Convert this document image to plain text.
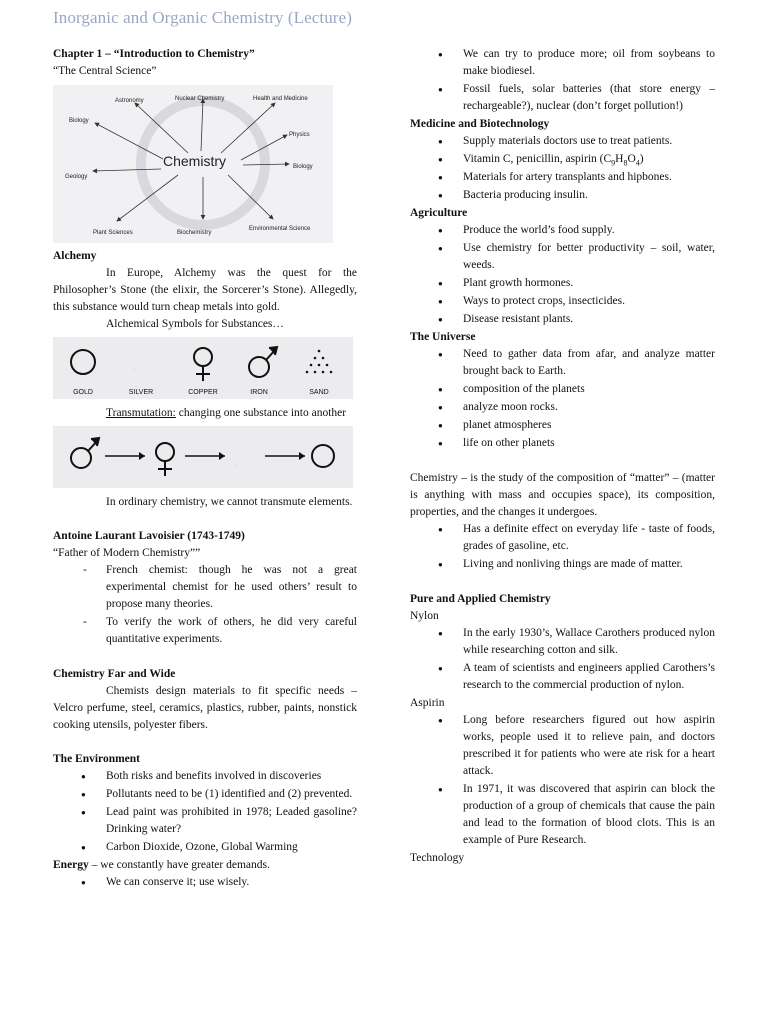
Inorganic and Organic Chemistry (Lecture)

Chapter 1 – “Introduction to Chemistry”

“The Central Science”

Astronomy	Nuclear Chemistry	Health and Medicine
Biology
Physics
Geology
Biology
Plant Sciences	Biochemistry
Environmental Science
Chemistry

Alchemy

In Europe, Alchemy was the quest for the Philosopher’s Stone (the elixir, the Sorcerer’s Stone). Allegedly, this substance would turn cheap metals into gold.

Alchemical Symbols for Substances…

GOLD	SILVER	COPPER	IRON	SAND

Transmutation: changing one substance into another

In ordinary chemistry, we cannot transmute elements.

Antoine Laurant Lavoisier (1743-1749)

“Father of Modern Chemistry””

- French chemist: though he was not a great experimental chemist for he used others’ result to propose many theories.
- To verify the work of others, he did very careful quantitative experiments.

Chemistry Far and Wide

Chemists design materials to fit specific needs – Velcro perfume, steel, ceramics, plastics, rubber, paints, nonstick cooking utensils, polyester fibers.

The Environment

● Both risks and benefits involved in discoveries
● Pollutants need to be (1) identified and (2) prevented.
● Lead paint was prohibited in 1978; Leaded gasoline? Drinking water?
● Carbon Dioxide, Ozone, Global Warming

Energy – we constantly have greater demands.

● We can conserve it; use wisely.
● We can try to produce more; oil from soybeans to make biodiesel.
● Fossil fuels, solar batteries (that store energy – rechargeable?), nuclear (don’t forget pollution!)

Medicine and Biotechnology

● Supply materials doctors use to treat patients.
● Vitamin C, penicillin, aspirin $(C_9H_8O_4)$
● Materials for artery transplants and hipbones.
● Bacteria producing insulin.

Agriculture

● Produce the world’s food supply.
● Use chemistry for better productivity – soil, water, weeds.
● Plant growth hormones.
● Ways to protect crops, insecticides.
● Disease resistant plants.

The Universe

● Need to gather data from afar, and analyze matter brought back to Earth.
● composition of the planets
● analyze moon rocks.
● planet atmospheres
● life on other planets

Chemistry – is the study of the composition of “matter” – (matter is anything with mass and occupies space), its composition, properties, and the changes it undergoes.

● Has a definite effect on everyday life - taste of foods, grades of gasoline, etc.
● Living and nonliving things are made of matter.

Pure and Applied Chemistry

Nylon

● In the early 1930’s, Wallace Carothers produced nylon while researching cotton and silk.
● A team of scientists and engineers applied Carothers’s research to the commercial production of nylon.

Aspirin

● Long before researchers figured out how aspirin works, people used it to relieve pain, and doctors prescribed it for patients who were ate risk for a heart attack.
● In 1971, it was discovered that aspirin can block the production of a group of chemicals that cause the pain and lead to the formation of blood clots. This is an example of Pure Research.

Technology
